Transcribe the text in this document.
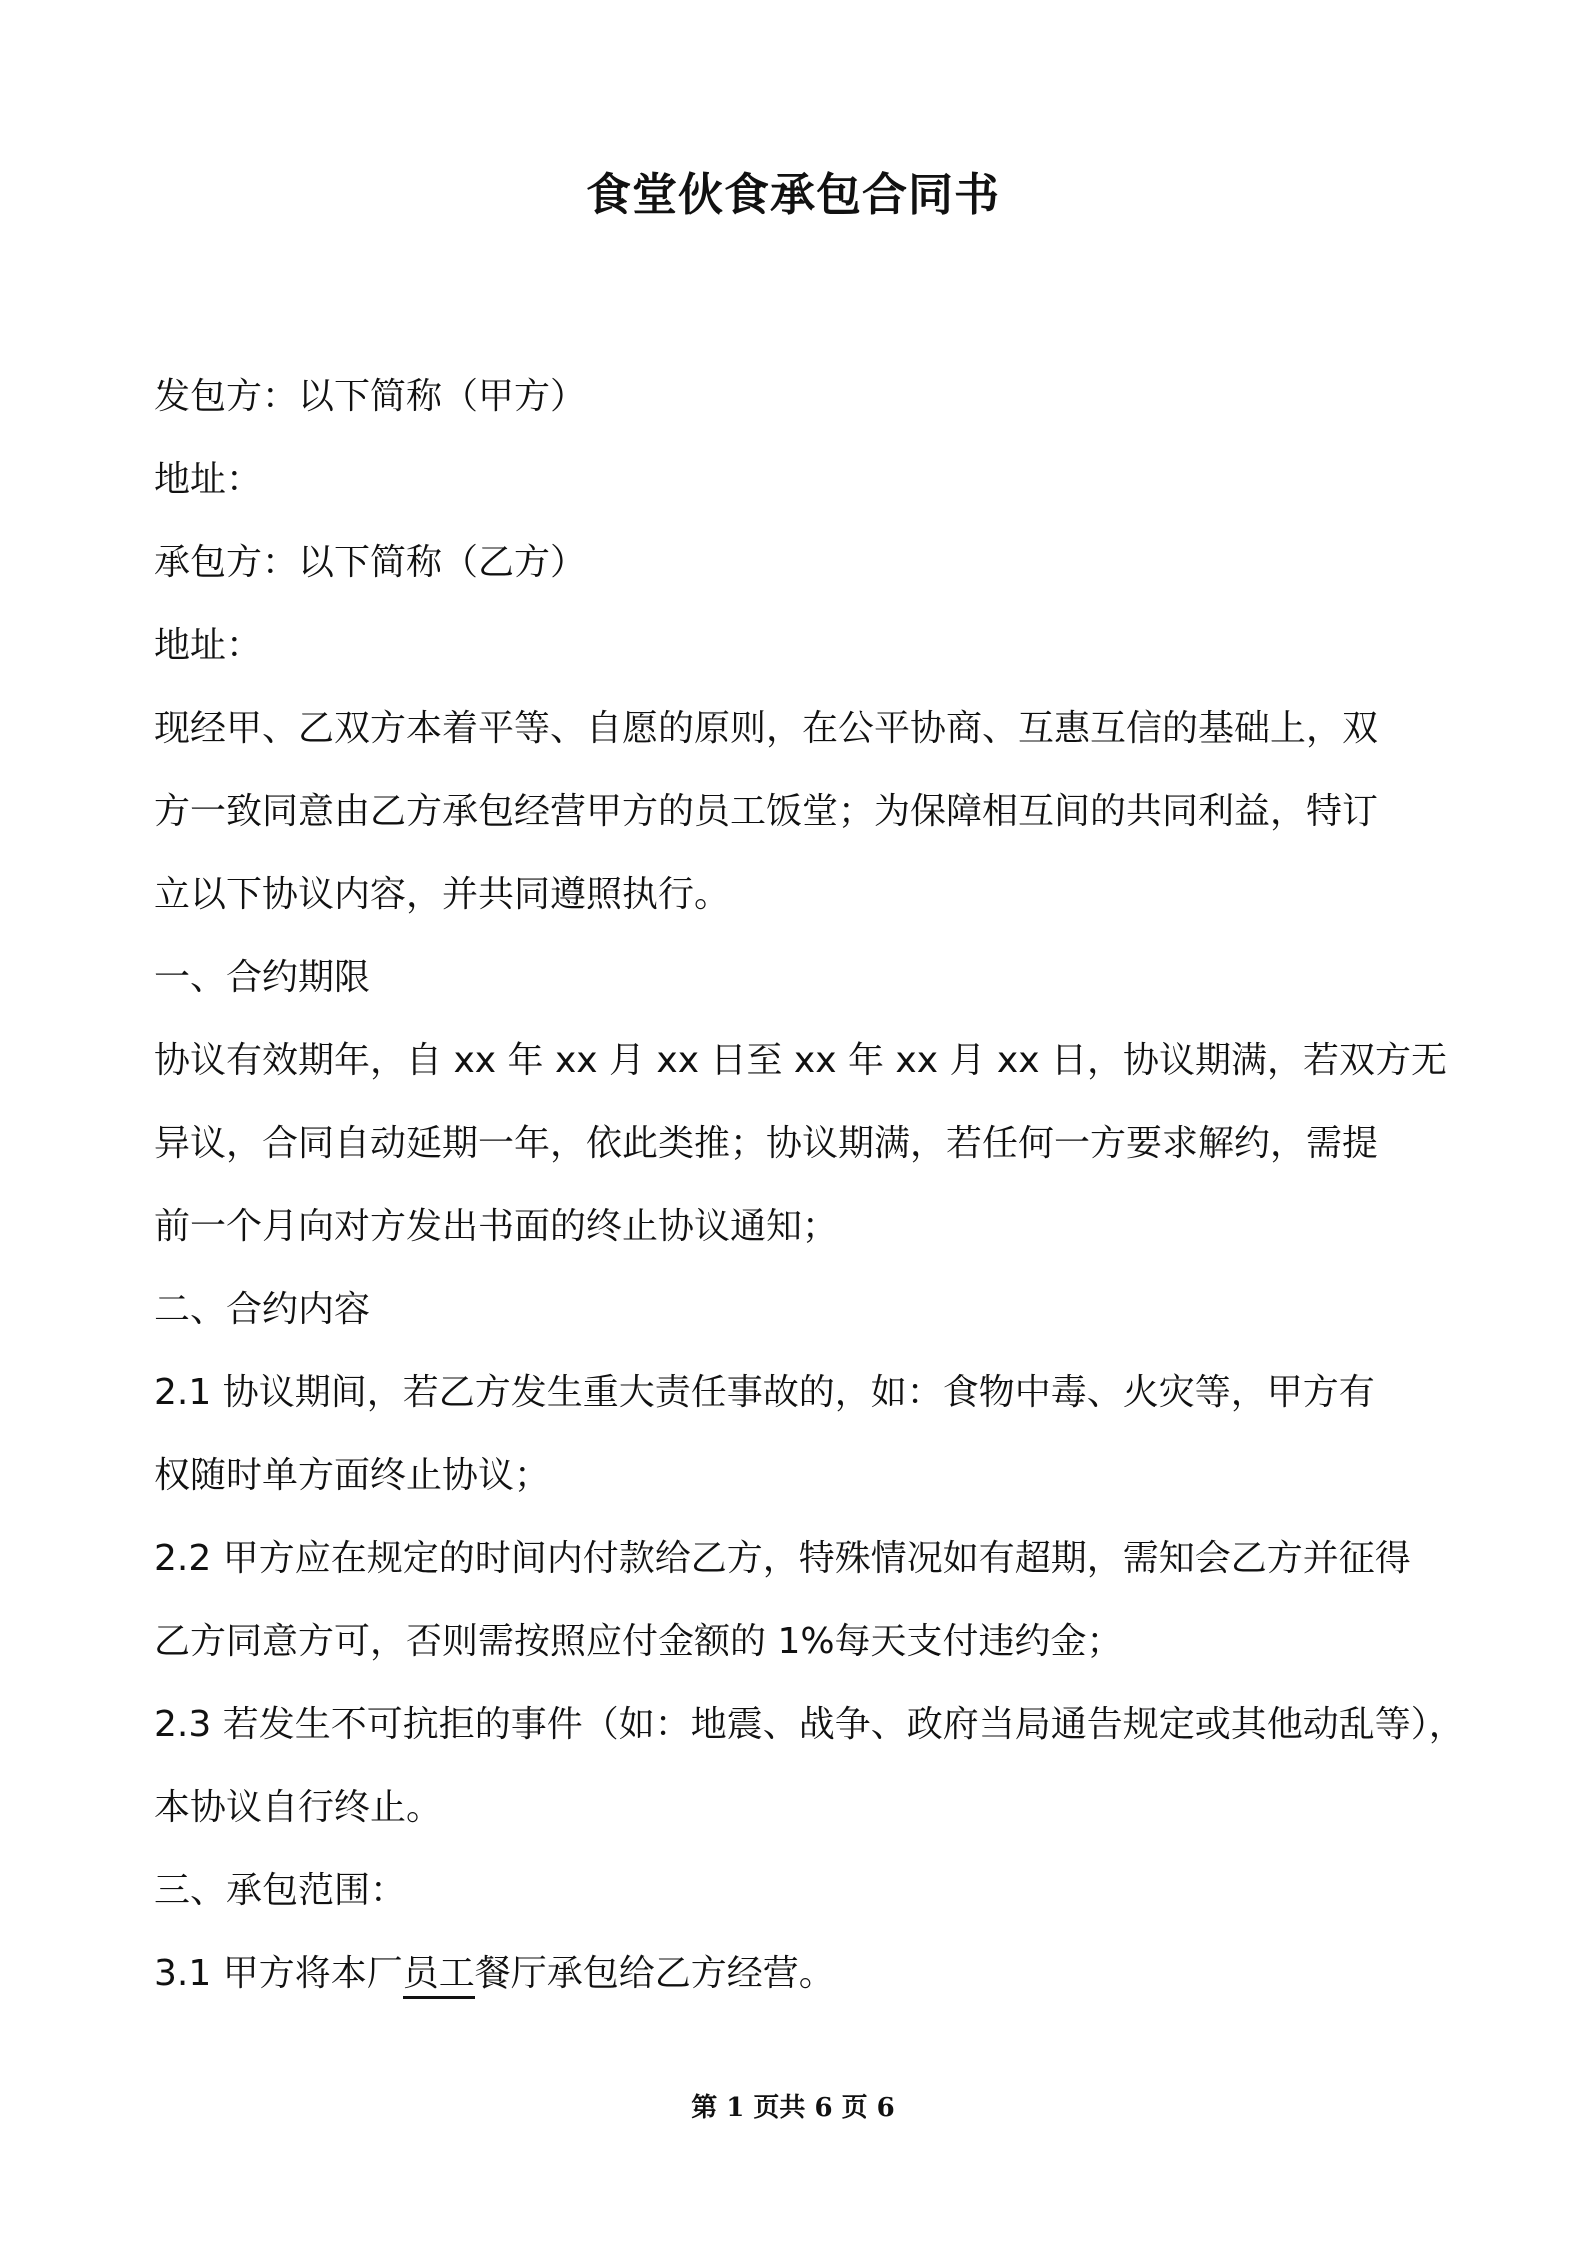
食堂伙食承包合同书
发包方：以下简称（甲方）
地址：
承包方：以下简称（乙方）
地址：
现经甲、乙双方本着平等、自愿的原则，在公平协商、互惠互信的基础上，双
方一致同意由乙方承包经营甲方的员工饭堂；为保障相互间的共同利益，特订
立以下协议内容，并共同遵照执行。
一、合约期限
协议有效期年，自 xx 年 xx 月 xx 日至 xx 年 xx 月 xx 日，协议期满，若双方无
异议，合同自动延期一年，依此类推；协议期满，若任何一方要求解约，需提
前一个月向对方发出书面的终止协议通知；
二、合约内容
2.1 协议期间，若乙方发生重大责任事故的，如：食物中毒、火灾等，甲方有
权随时单方面终止协议；
2.2 甲方应在规定的时间内付款给乙方，特殊情况如有超期，需知会乙方并征得
乙方同意方可，否则需按照应付金额的 1%每天支付违约金；
2.3 若发生不可抗拒的事件（如：地震、战争、政府当局通告规定或其他动乱等），
本协议自行终止。
三、承包范围：
3.1 甲方将本厂员工餐厅承包给乙方经营。
第 1 页共 6 页 6
